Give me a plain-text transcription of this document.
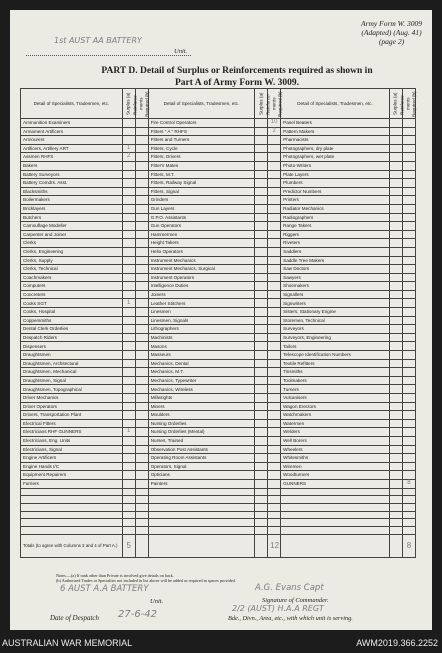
Army Form W. 3009
(Adapted) (Aug. 41)
(page 2)
1st AUST AA BATTERY
Unit.
PART D. Detail of Surplus or Reinforcements required as shown in
Part A of Army Form W. 3009.
Detail of Specialists, Tradesmen, etc.	Surplus (a)	Reinforce-ments Required (b)	Detail of Specialists, Tradesmen, etc.	Surplus (a)	Reinforce-ments Required (b)	Detail of Specialists, Tradesmen, etc.	Surplus (a)	Reinforce-ments Required (b)
Ammunition Examiners			Fire Control Operators		10	Panel Beaters		
Armament Artificers			Fitters " A " RHFS		2	Pattern Makers		
Armourers			Fitters and Turners			Pharmacists		
Artificers, Artillery ART	1		Fitters, Cycle			Photographers, dry plate		
Assmen RHFS	2		Fitters, Drivers			Photographers, wet plate		
Bakers			Fitter's Mates			Photo-Writers		
Battery Surveyors			Fitters, M.T.			Plate Layers		
Battery Comdrs. Asst.			Fitters, Railway Signal			Plumbers		
Blacksmiths			Fitters, Signal			Predictor Numbers		
Boilermakers			Grinders			Printers		
Bricklayers			Gun Layers			Radiator Mechanics		
Butchers			G.P.O. Assistants			Radiographers		
Camouflage Modeller			Gun Operators			Range Takers		
Carpenter and Joiner			Hammermen			Riggers		
Clerks			Height Takers			Riveters		
Clerks, Engineering			Helio Operators			Saddlers		
Clerks, Supply			Instrument Mechanics			Saddle Tree Makers		
Clerks, Technical			Instrument Mechanics, Surgical			Saw Doctors		
Coachmakers			Instrument Operators			Sawyers		
Computers			Intelligence Duties			Shoemakers		
Concreters			Joiners			Signallers		
Cooks SGT	1		Leather Stitchers			Signwriters		
Cooks, Hospital			Linesmen			Sisters, Stationary Engine		
Coppersmiths			Linesmen, Signals			Storemen, Technical		
Dental Clerk Orderlies			Lithographers			Surveyors		
Despatch Riders			Machinists			Surveyors, Engineering		
Dispensers			Masons			Tailors		
Draughtsmen			Masseurs			Telescope Identification Numbers		
Draughtsmen, Architectural			Mechanics, Dental			Textile Refitters		
Draughtsmen, Mechanical			Mechanics, M.T.			Tinsmiths		
Draughtsmen, Signal			Mechanics, Typewriter			Toolmakers		
Draughtsmen, Topographical			Mechanics, Wireless			Turners		
Driver Mechanics			Millwrights			Vulcanisers		
Driver Operators			Miners			Wagon Erectors		
Drivers, Transportation Plant			Moulders			Watchmakers		
Electrical Fitters			Nursing Orderlies			Watermen		
Electricians RHF GUNNERS	1		Nursing Orderlies (Mental)			Welders		
Electricians, Eng. Units			Nurses, Trained			Well Borers		
Electricians, Signal			Observation Post Assistants			Wheelers		
Engine Artificers			Operating Room Assistants			Whitesmiths		
Engine Hands I/C			Operators, Signal			Wiremen		
Equipment Repairers			Opticians			Woodturners		
Farriers			Painters			GUNNERS		8

Totals (to agree with Columns 3 and 4 of Part A.)	5				12			8
Notes.—(a) If rank other than Private is involved give details on back.
(b) Authorised Trades or Specialists not included in list above will be added as required in spaces provided.
6 AUST A.A BATTERY
Unit.
Date of Despatch 27-6-42
A.G. Evans Capt
Signature of Commander.
2/2 (AUST) H.A.A REGT
Bde., Divn., Area, etc., with which unit is serving.
AUSTRALIAN WAR MEMORIAL	AWM2019.366.2252
